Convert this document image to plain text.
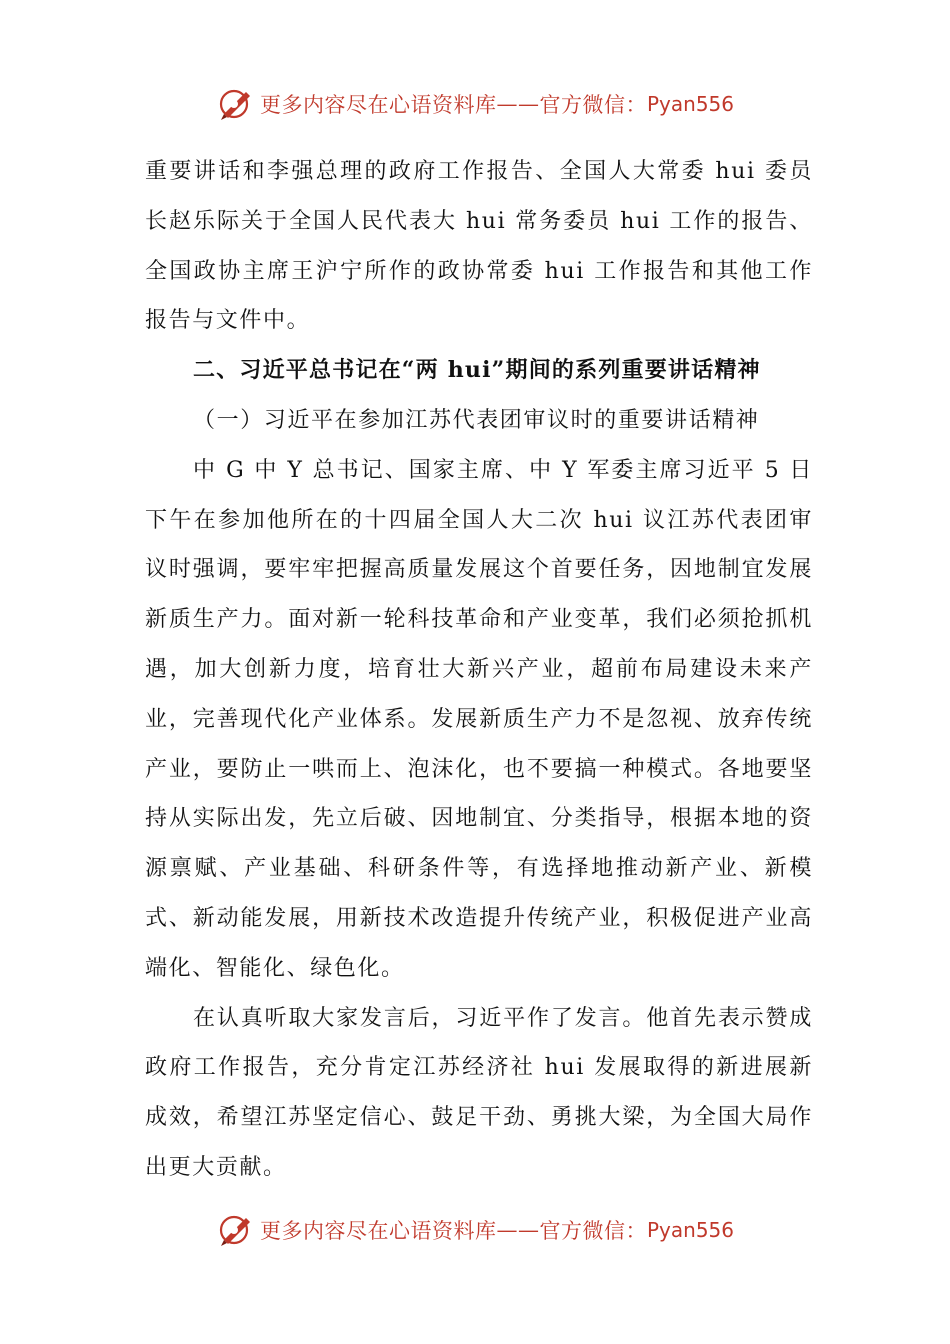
更多内容尽在心语资料库 —— 官方微信： Pyan556

重要讲话和李强总理的政府工作报告、全国人大常委 hui 委员长赵乐际关于全国人民代表大 hui 常务委员 hui 工作的报告、全国政协主席王沪宁所作的政协常委 hui 工作报告和其他工作报告与文件中。

二、习近平总书记在“两 hui”期间的系列重要讲话精神

（一）习近平在参加江苏代表团审议时的重要讲话精神

中 G 中 Y 总书记、国家主席、中 Y 军委主席习近平 5 日下午在参加他所在的十四届全国人大二次 hui 议江苏代表团审议时强调，要牢牢把握高质量发展这个首要任务，因地制宜发展新质生产力。面对新一轮科技革命和产业变革，我们必须抢抓机遇，加大创新力度，培育壮大新兴产业，超前布局建设未来产业，完善现代化产业体系。发展新质生产力不是忽视、放弃传统产业，要防止一哄而上、泡沫化，也不要搞一种模式。各地要坚持从实际出发，先立后破、因地制宜、分类指导，根据本地的资源禀赋、产业基础、科研条件等，有选择地推动新产业、新模式、新动能发展，用新技术改造提升传统产业，积极促进产业高端化、智能化、绿色化。

在认真听取大家发言后，习近平作了发言。他首先表示赞成政府工作报告，充分肯定江苏经济社 hui 发展取得的新进展新成效，希望江苏坚定信心、鼓足干劲、勇挑大梁，为全国大局作出更大贡献。

更多内容尽在心语资料库 —— 官方微信： Pyan556
